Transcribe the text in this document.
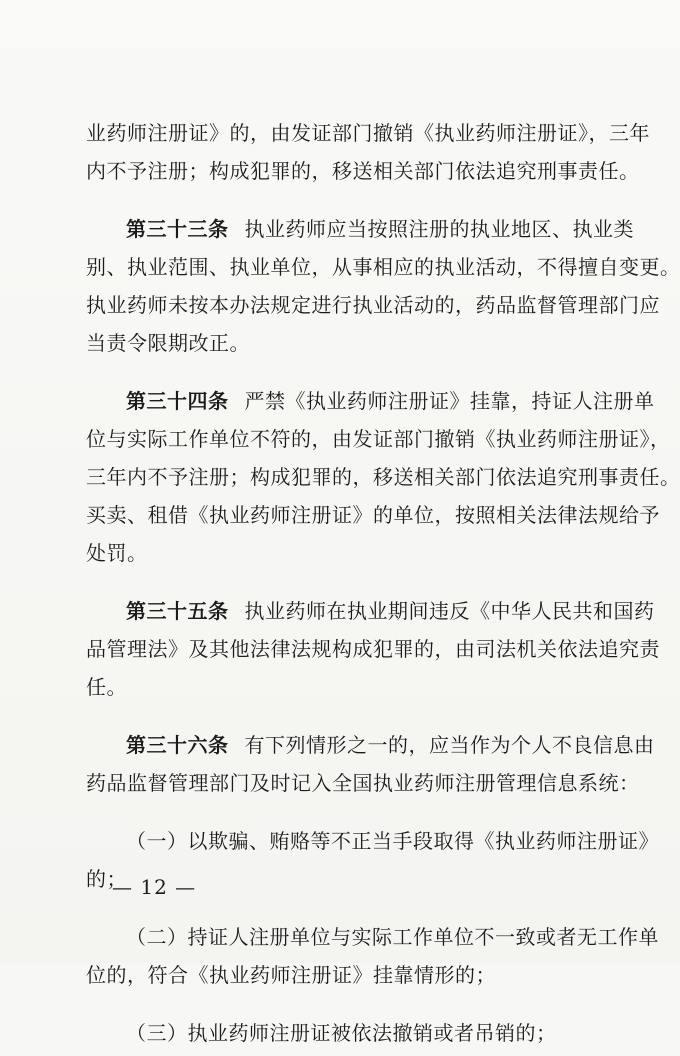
业药师注册证》的，由发证部门撤销《执业药师注册证》，三年
内不予注册；构成犯罪的，移送相关部门依法追究刑事责任。
第三十三条 执业药师应当按照注册的执业地区、执业类
别、执业范围、执业单位，从事相应的执业活动，不得擅自变更。
执业药师未按本办法规定进行执业活动的，药品监督管理部门应
当责令限期改正。
第三十四条 严禁《执业药师注册证》挂靠，持证人注册单
位与实际工作单位不符的，由发证部门撤销《执业药师注册证》，
三年内不予注册；构成犯罪的，移送相关部门依法追究刑事责任。
买卖、租借《执业药师注册证》的单位，按照相关法律法规给予
处罚。
第三十五条 执业药师在执业期间违反《中华人民共和国药
品管理法》及其他法律法规构成犯罪的，由司法机关依法追究责
任。
第三十六条 有下列情形之一的，应当作为个人不良信息由
药品监督管理部门及时记入全国执业药师注册管理信息系统：
（一）以欺骗、贿赂等不正当手段取得《执业药师注册证》
的；
（二）持证人注册单位与实际工作单位不一致或者无工作单
位的，符合《执业药师注册证》挂靠情形的；
（三）执业药师注册证被依法撤销或者吊销的；
— 12 —
